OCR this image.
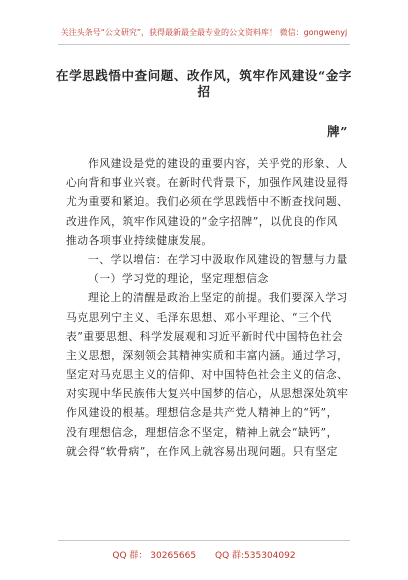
关注头条号“公文研究”，获得最新最全最专业的公文资料库！ 微信：gongwenyj
在学思践悟中查问题、改作风，筑牢作风建设“金字招
牌”
作风建设是党的建设的重要内容，关乎党的形象、人
心向背和事业兴衰。在新时代背景下，加强作风建设显得
尤为重要和紧迫。我们必须在学思践悟中不断查找问题、
改进作风，筑牢作风建设的“金字招牌”，以优良的作风
推动各项事业持续健康发展。
一、学以增信：在学习中汲取作风建设的智慧与力量
（一）学习党的理论，坚定理想信念
理论上的清醒是政治上坚定的前提。我们要深入学习
马克思列宁主义、毛泽东思想、邓小平理论、“三个代
表”重要思想、科学发展观和习近平新时代中国特色社会
主义思想，深刻领会其精神实质和丰富内涵。通过学习，
坚定对马克思主义的信仰、对中国特色社会主义的信念、
对实现中华民族伟大复兴中国梦的信心，从思想深处筑牢
作风建设的根基。理想信念是共产党人精神上的“钙”，
没有理想信念，理想信念不坚定，精神上就会“缺钙”，
就会得“软骨病”，在作风上就容易出现问题。只有坚定
QQ 群： 30265665 QQ 群:535304092
